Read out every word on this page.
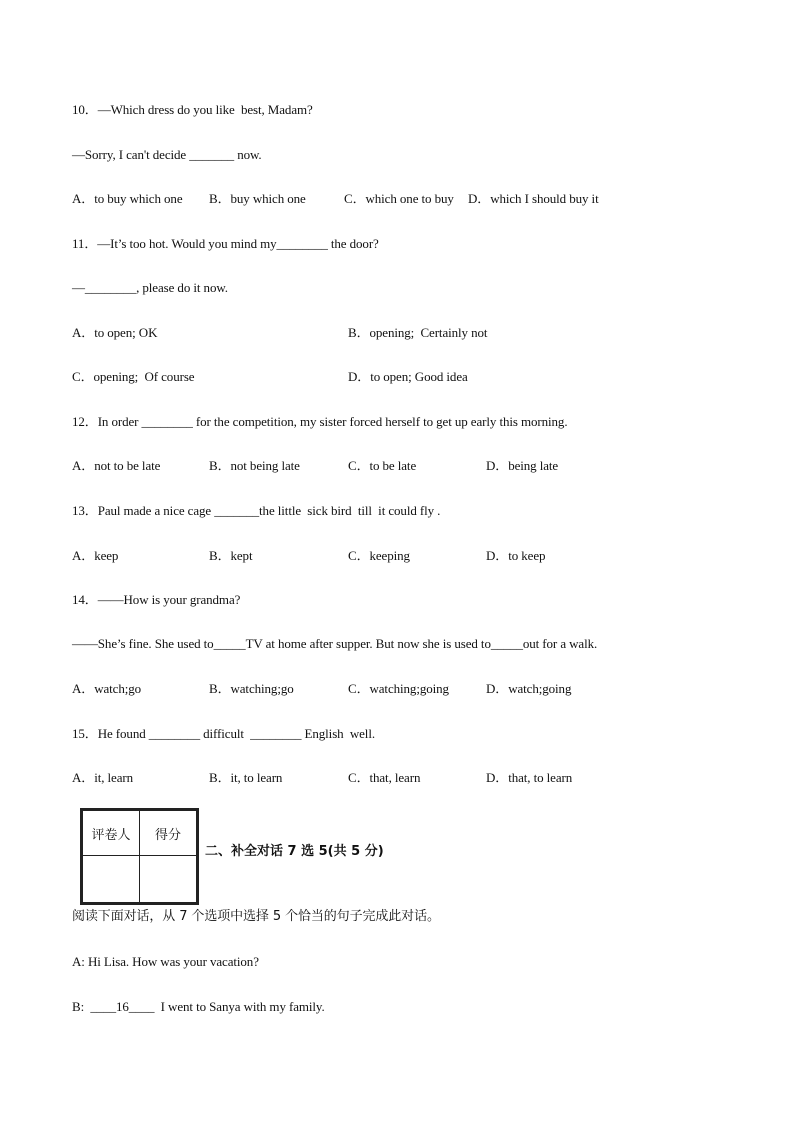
10．—Which dress do you like  best, Madam?
—Sorry, I can't decide _______ now.
A．to buy which one B．buy which one	C．which one to buy D．which I should buy it
11．—It’s too hot. Would you mind my________ the door?
—________, please do it now.
A．to open; OK	B．opening;  Certainly not
C．opening;  Of course	D．to open; Good idea
12．In order ________ for the competition, my sister forced herself to get up early this morning.
A．not to be late	B．not being late	C．to be late	D．being late
13．Paul made a nice cage _______the little  sick bird  till  it could fly .
A．keep	B．kept	C．keeping	D．to keep
14．——How is your grandma?
——She’s fine. She used to_____TV at home after supper. But now she is used to_____out for a walk.
A．watch;go	B．watching;go	C．watching;going	D．watch;going
15．He found ________ difficult  ________ English  well.
A．it, learn	B．it, to learn	C．that, learn	D．that, to learn
评卷人	得分

二、补全对话 7 选 5(共 5 分)
阅读下面对话，从 7 个选项中选择 5 个恰当的句子完成此对话。
A: Hi Lisa. How was your vacation?
B:  ____16____  I went to Sanya with my family.
